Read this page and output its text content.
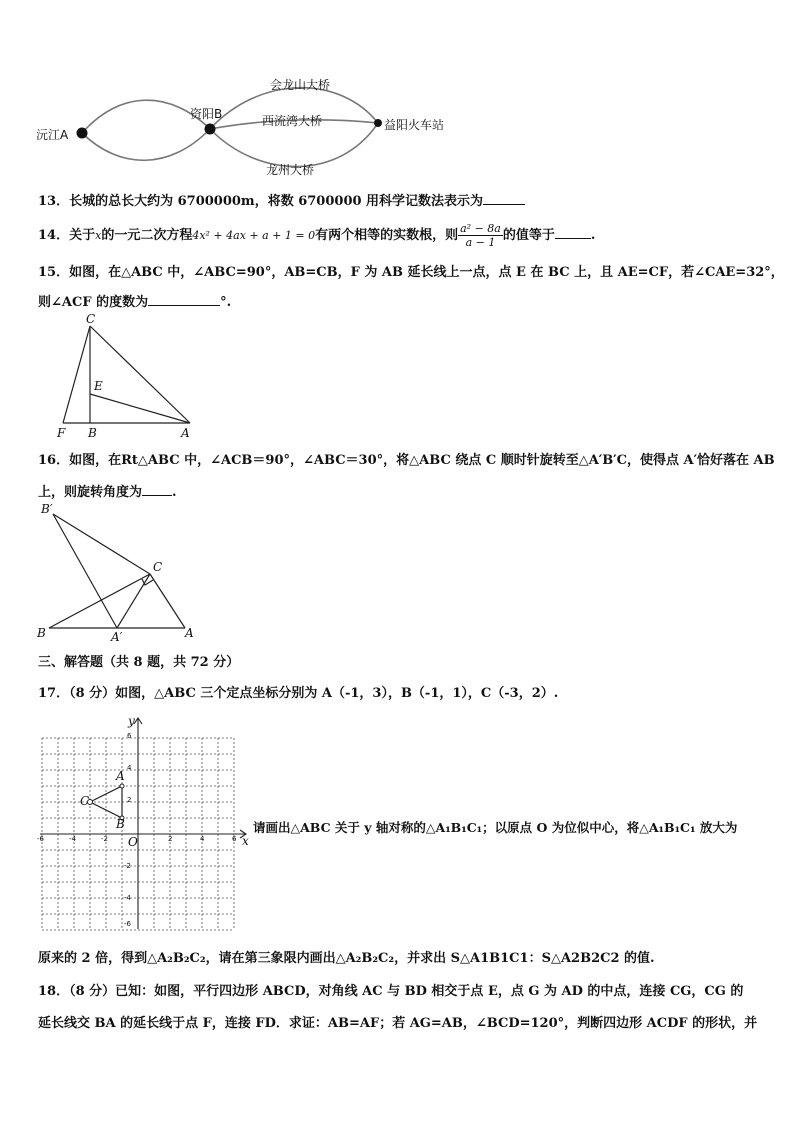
沅江A
资阳B
益阳火车站
会龙山大桥
西流湾大桥
龙州大桥
13．长城的总长大约为 6700000m，将数 6700000 用科学记数法表示为
14．关于x的一元二次方程4x² + 4ax + a + 1 = 0有两个相等的实数根，则 $\frac{\text{a² − 8a}}{a - 1}$ 的值等于	.
15．如图，在△ABC 中，∠ABC=90°，AB=CB，F 为 AB 延长线上一点，点 E 在 BC 上，且 AE=CF，若∠CAE=32°，
则∠ACF 的度数为	°.
C
E
F B	A
16．如图，在Rt△ABC 中，∠ACB＝90°，∠ABC＝30°，将△ABC 绕点 C 顺时针旋转至△A′B′C，使得点 A′恰好落在 AB
上，则旋转角度为 .
B′
C
B	A′	A
三、解答题（共 8 题，共 72 分）
17．（8 分）如图，△ABC 三个定点坐标分别为 A（-1，3），B（-1，1），C（-3，2）.
y
x
O
A
B
C
-6	-4	-2	2	4	6
6
4
2
-2
-4
-6
请画出△ABC 关于 y 轴对称的△A₁B₁C₁；以原点 O 为位似中心，将△A₁B₁C₁ 放大为
原来的 2 倍，得到△A₂B₂C₂，请在第三象限内画出△A₂B₂C₂，并求出 S△A1B1C1：S△A2B2C2 的值.
18．（8 分）已知：如图，平行四边形 ABCD，对角线 AC 与 BD 相交于点 E，点 G 为 AD 的中点，连接 CG，CG 的
延长线交 BA 的延长线于点 F，连接 FD．求证：AB=AF；若 AG=AB，∠BCD=120°，判断四边形 ACDF 的形状，并
